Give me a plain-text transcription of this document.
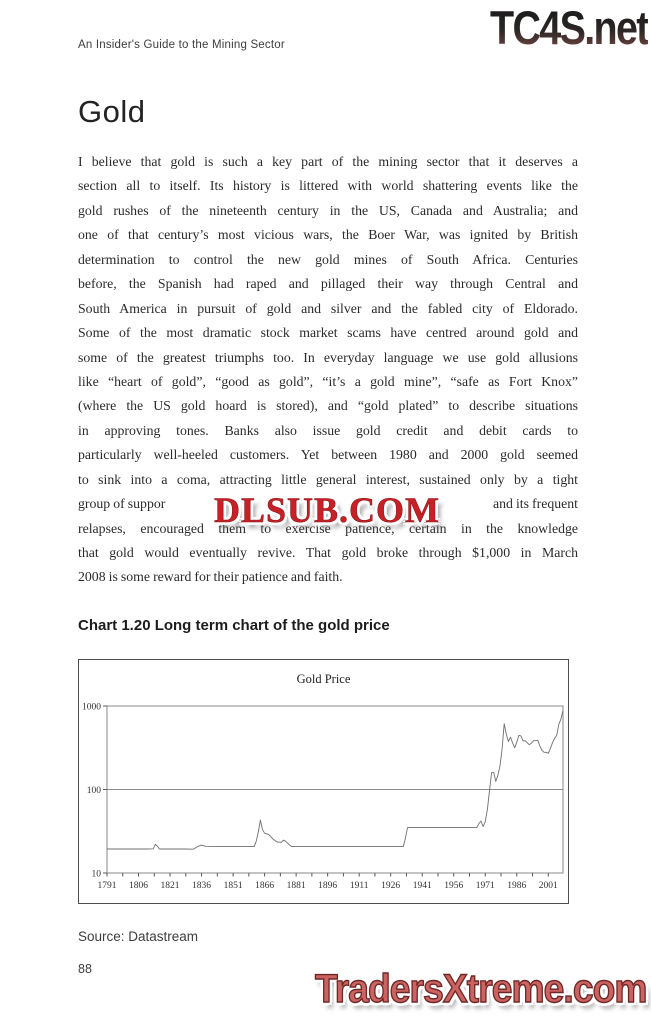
An Insider's Guide to the Mining Sector	TC4S.net
Gold
I believe that gold is such a key part of the mining sector that it deserves a
section all to itself. Its history is littered with world shattering events like the
gold rushes of the nineteenth century in the US, Canada and Australia; and
one of that century’s most vicious wars, the Boer War, was ignited by British
determination to control the new gold mines of South Africa. Centuries
before, the Spanish had raped and pillaged their way through Central and
South America in pursuit of gold and silver and the fabled city of Eldorado.
Some of the most dramatic stock market scams have centred around gold and
some of the greatest triumphs too. In everyday language we use gold allusions
like “heart of gold”, “good as gold”, “it’s a gold mine”, “safe as Fort Knox”
(where the US gold hoard is stored), and “gold plated” to describe situations
in approving tones. Banks also issue gold credit and debit cards to
particularly well-heeled customers. Yet between 1980 and 2000 gold seemed
to sink into a coma, attracting little general interest, sustained only by a tight
group of suppor	and its frequent
relapses, encouraged them to exercise patience, certain in the knowledge
that gold would eventually revive. That gold broke through $1,000 in March
2008 is some reward for their patience and faith.
DLSUB.COM
Chart 1.20 Long term chart of the gold price
Gold Price
1000
100
10
1791 1806 1821 1836 1851 1866 1881 1896 1911 1926 1941 1956 1971 1986 2001
Source: Datastream
88	TradersXtreme.com
